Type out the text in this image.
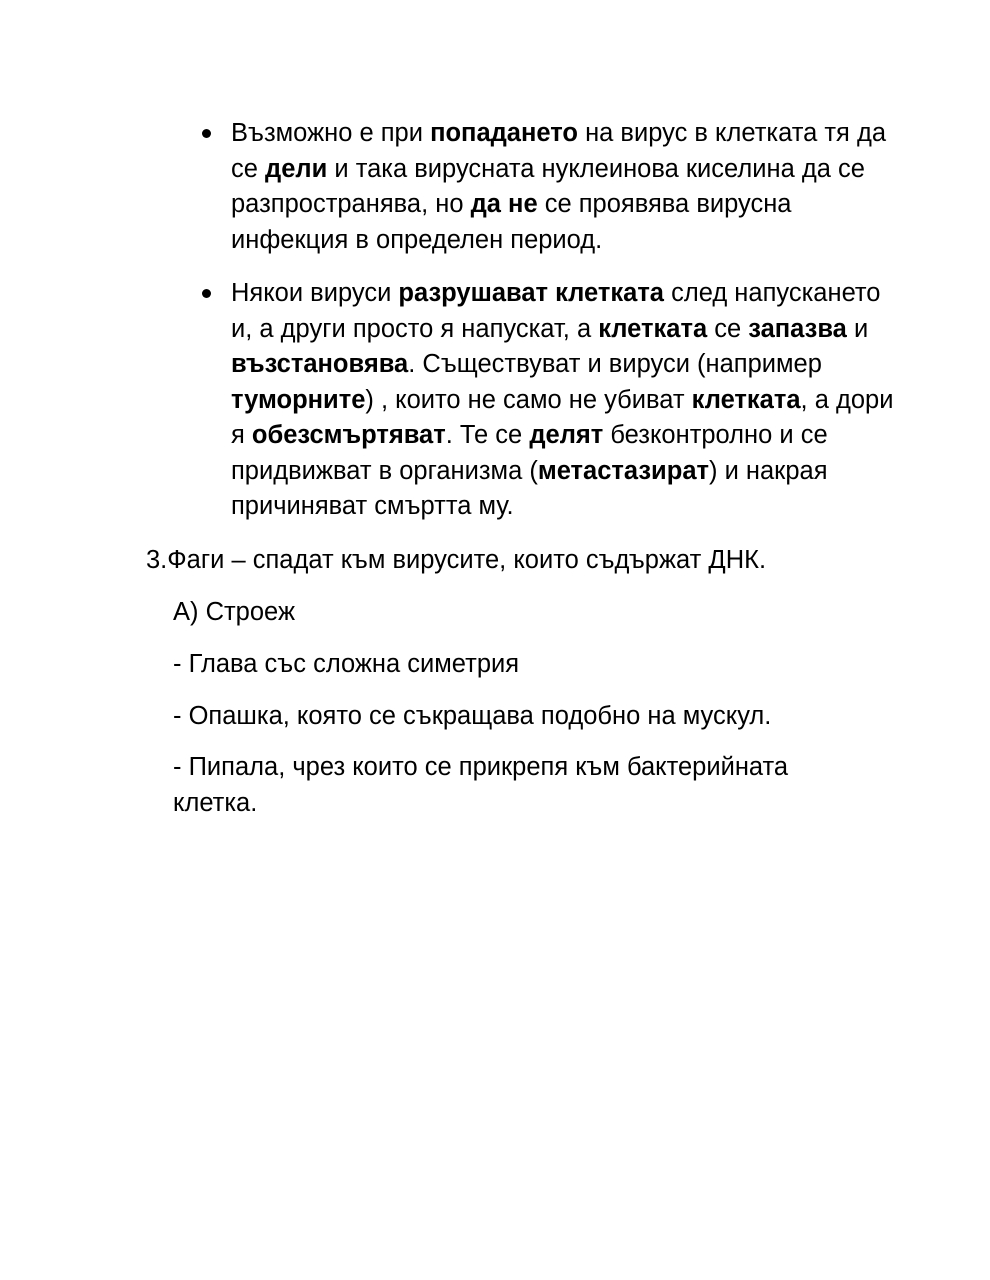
Възможно е при попадането на вирус в клетката тя да се дели и така вирусната нуклеинова киселина да се разпространява, но да не се проявява вирусна инфекция в определен период.
Някои вируси разрушават клетката след напускането и, а други просто я напускат, а клетката се запазва и възстановява. Съществуват и вируси (например туморните) , които не само не убиват клетката, а дори я обезсмъртяват. Те се делят безконтролно и се придвижват в организма (метастазират) и накрая причиняват смъртта му.
3.Фаги – спадат към вирусите, които съдържат ДНК.
А) Строеж
- Глава със сложна симетрия
- Опашка, която се съкращава подобно на мускул.
- Пипала, чрез които се прикрепя към бактерийната клетка.
